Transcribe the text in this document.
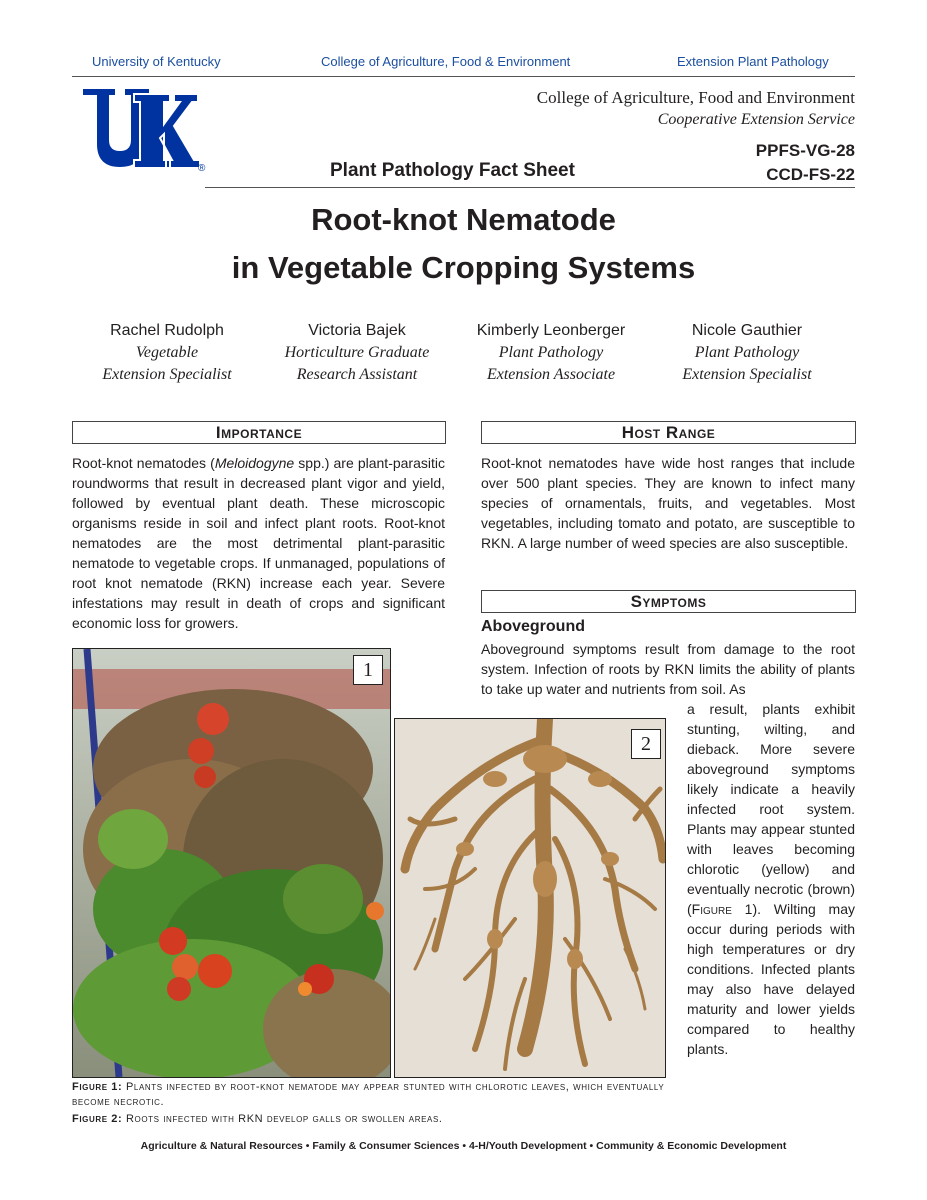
University of Kentucky	College of Agriculture, Food & Environment	Extension Plant Pathology
®
College of Agriculture, Food and Environment
Cooperative Extension Service
Plant Pathology Fact Sheet
PPFS-VG-28
CCD-FS-22
Root-knot Nematode
in Vegetable Cropping Systems
Rachel Rudolph
Vegetable
Extension Specialist
Victoria Bajek
Horticulture Graduate
Research Assistant
Kimberly Leonberger
Plant Pathology
Extension Associate
Nicole Gauthier
Plant Pathology
Extension Specialist
Importance
Root-knot nematodes (Meloidogyne spp.) are plant-parasitic roundworms that result in decreased plant vigor and yield, followed by eventual plant death. These microscopic organisms reside in soil and infect plant roots. Root-knot nematodes are the most detrimental plant-parasitic nematode to vegetable crops. If unmanaged, populations of root knot nematode (RKN) increase each year. Severe infestations may result in death of crops and significant economic loss for growers.
Host Range
Root-knot nematodes have wide host ranges that include over 500 plant species. They are known to infect many species of ornamentals, fruits, and vegetables. Most vegetables, including tomato and potato, are susceptible to RKN. A large number of weed species are also susceptible.
Symptoms
Aboveground
Aboveground symptoms result from damage to the root system. Infection of roots by RKN limits the ability of plants to take up water and nutrients from soil. As
a result, plants exhibit stunting, wilting, and dieback. More severe aboveground symptoms likely indicate a heavily infected root system. Plants may appear stunted with leaves becoming chlorotic (yellow) and eventually necrotic (brown) (Figure 1). Wilting may occur during periods with high temperatures or dry conditions. Infected plants may also have delayed maturity and lower yields compared to healthy plants.
1
2
Figure 1: Plants infected by root-knot nematode may appear stunted with chlorotic leaves, which eventually become necrotic.
Figure 2: Roots infected with RKN develop galls or swollen areas.
Agriculture & Natural Resources • Family & Consumer Sciences • 4-H/Youth Development • Community & Economic Development
